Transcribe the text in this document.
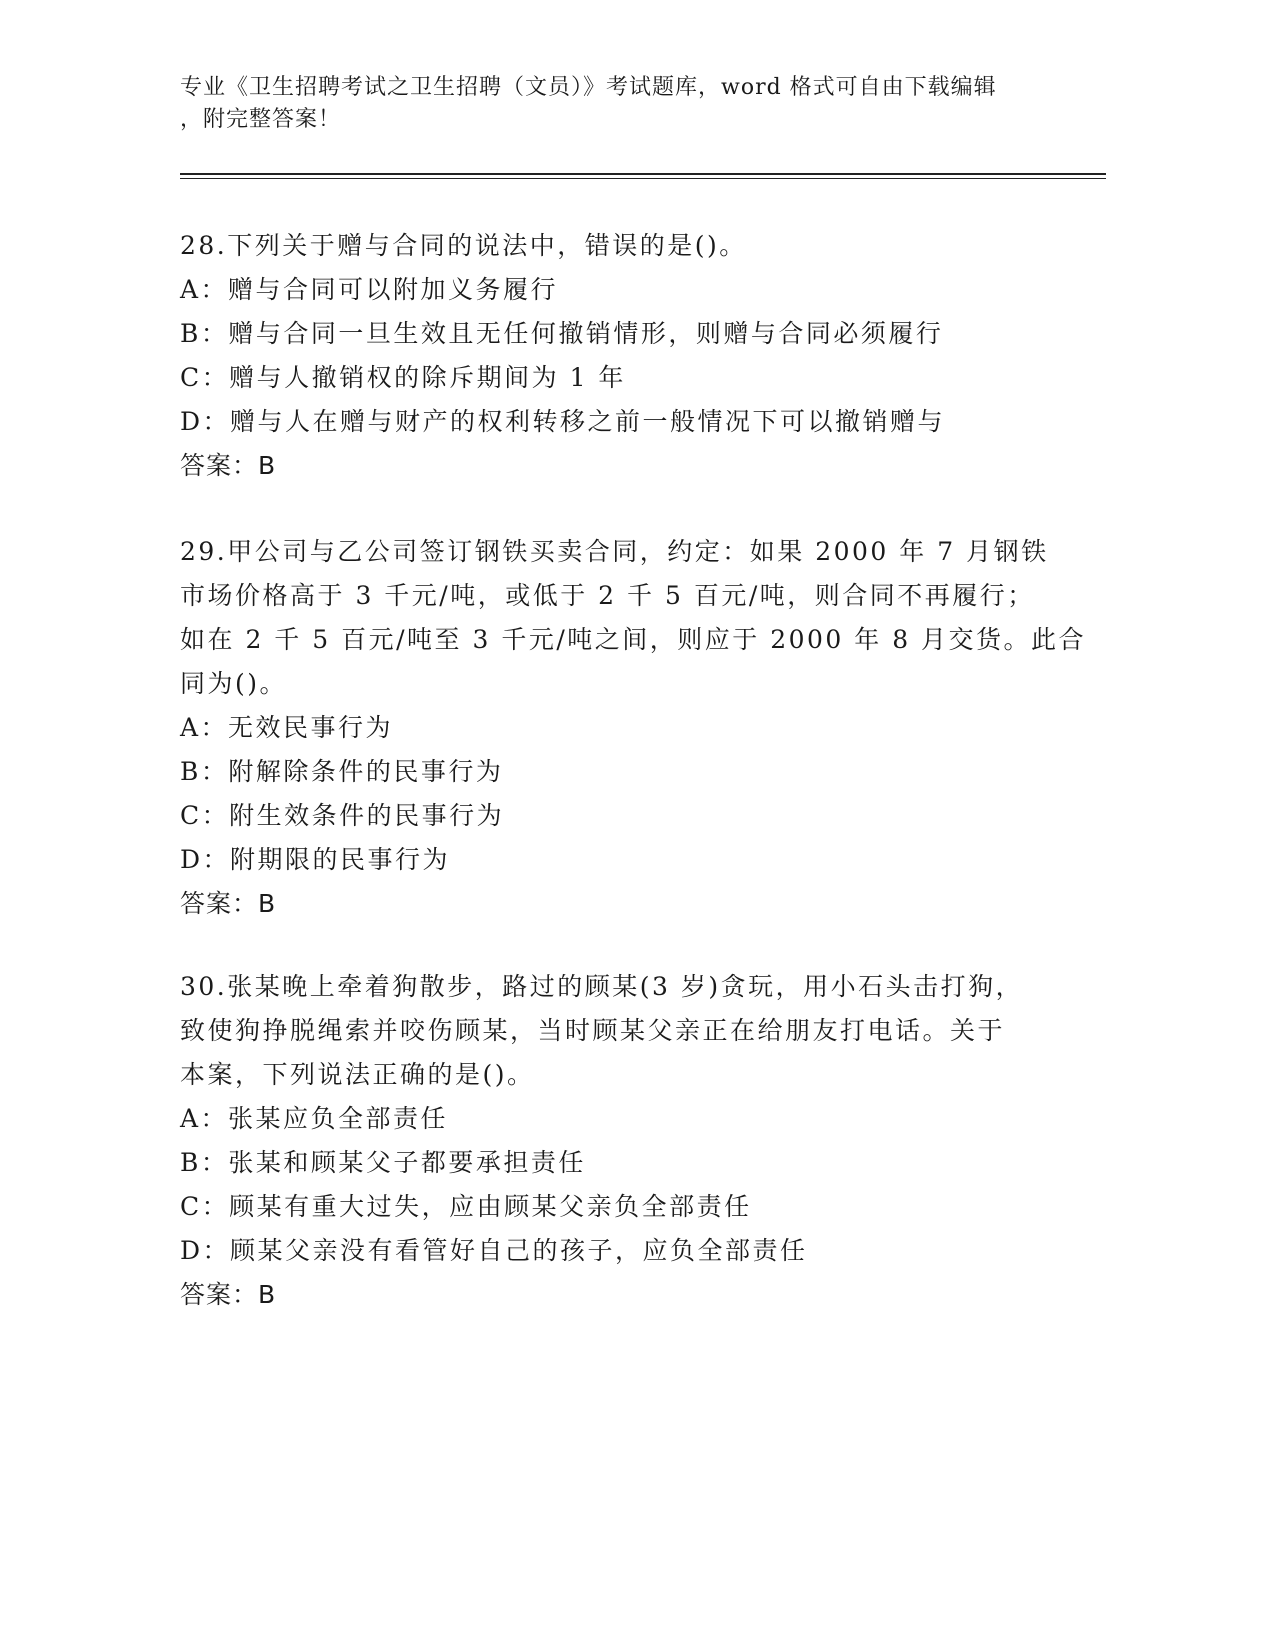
专业《卫生招聘考试之卫生招聘（文员）》考试题库，word 格式可自由下载编辑
，附完整答案！
28.下列关于赠与合同的说法中，错误的是()。
A：赠与合同可以附加义务履行
B：赠与合同一旦生效且无任何撤销情形，则赠与合同必须履行
C：赠与人撤销权的除斥期间为 1 年
D：赠与人在赠与财产的权利转移之前一般情况下可以撤销赠与
答案：B
29.甲公司与乙公司签订钢铁买卖合同，约定：如果 2000 年 7 月钢铁
市场价格高于 3 千元/吨，或低于 2 千 5 百元/吨，则合同不再履行；
如在 2 千 5 百元/吨至 3 千元/吨之间，则应于 2000 年 8 月交货。此合
同为()。
A：无效民事行为
B：附解除条件的民事行为
C：附生效条件的民事行为
D：附期限的民事行为
答案：B
30.张某晚上牵着狗散步，路过的顾某(3 岁)贪玩，用小石头击打狗，
致使狗挣脱绳索并咬伤顾某，当时顾某父亲正在给朋友打电话。关于
本案，下列说法正确的是()。
A：张某应负全部责任
B：张某和顾某父子都要承担责任
C：顾某有重大过失，应由顾某父亲负全部责任
D：顾某父亲没有看管好自己的孩子，应负全部责任
答案：B
